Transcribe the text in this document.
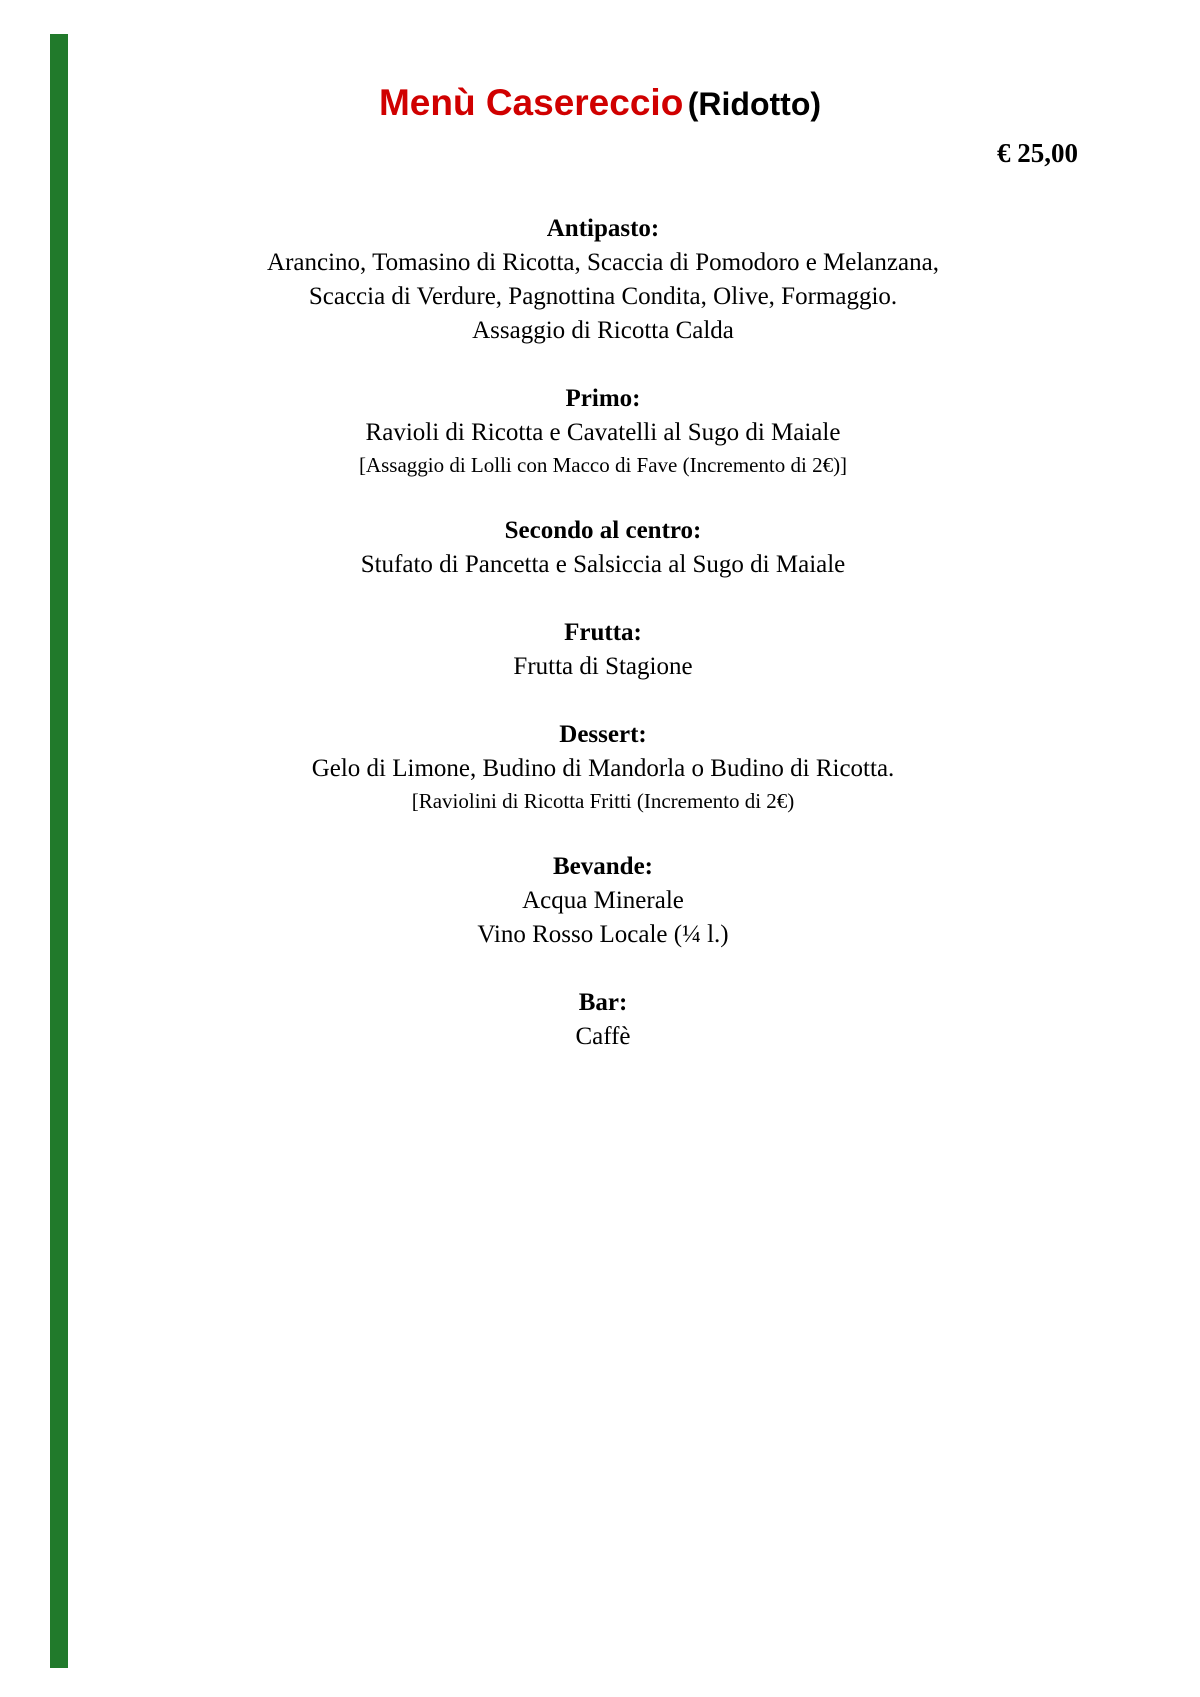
Menù Casereccio (Ridotto)
€ 25,00
Antipasto:
Arancino, Tomasino di Ricotta, Scaccia di Pomodoro e Melanzana,
Scaccia di Verdure, Pagnottina Condita, Olive, Formaggio.
Assaggio di Ricotta Calda
Primo:
Ravioli di Ricotta e Cavatelli al Sugo di Maiale
[Assaggio di Lolli con Macco di Fave (Incremento di 2€)]
Secondo al centro:
Stufato di Pancetta e Salsiccia al Sugo di Maiale
Frutta:
Frutta di Stagione
Dessert:
Gelo di Limone, Budino di Mandorla o Budino di Ricotta.
[Raviolini di Ricotta Fritti (Incremento di 2€)
Bevande:
Acqua Minerale
Vino Rosso Locale (¼ l.)
Bar:
Caffè
